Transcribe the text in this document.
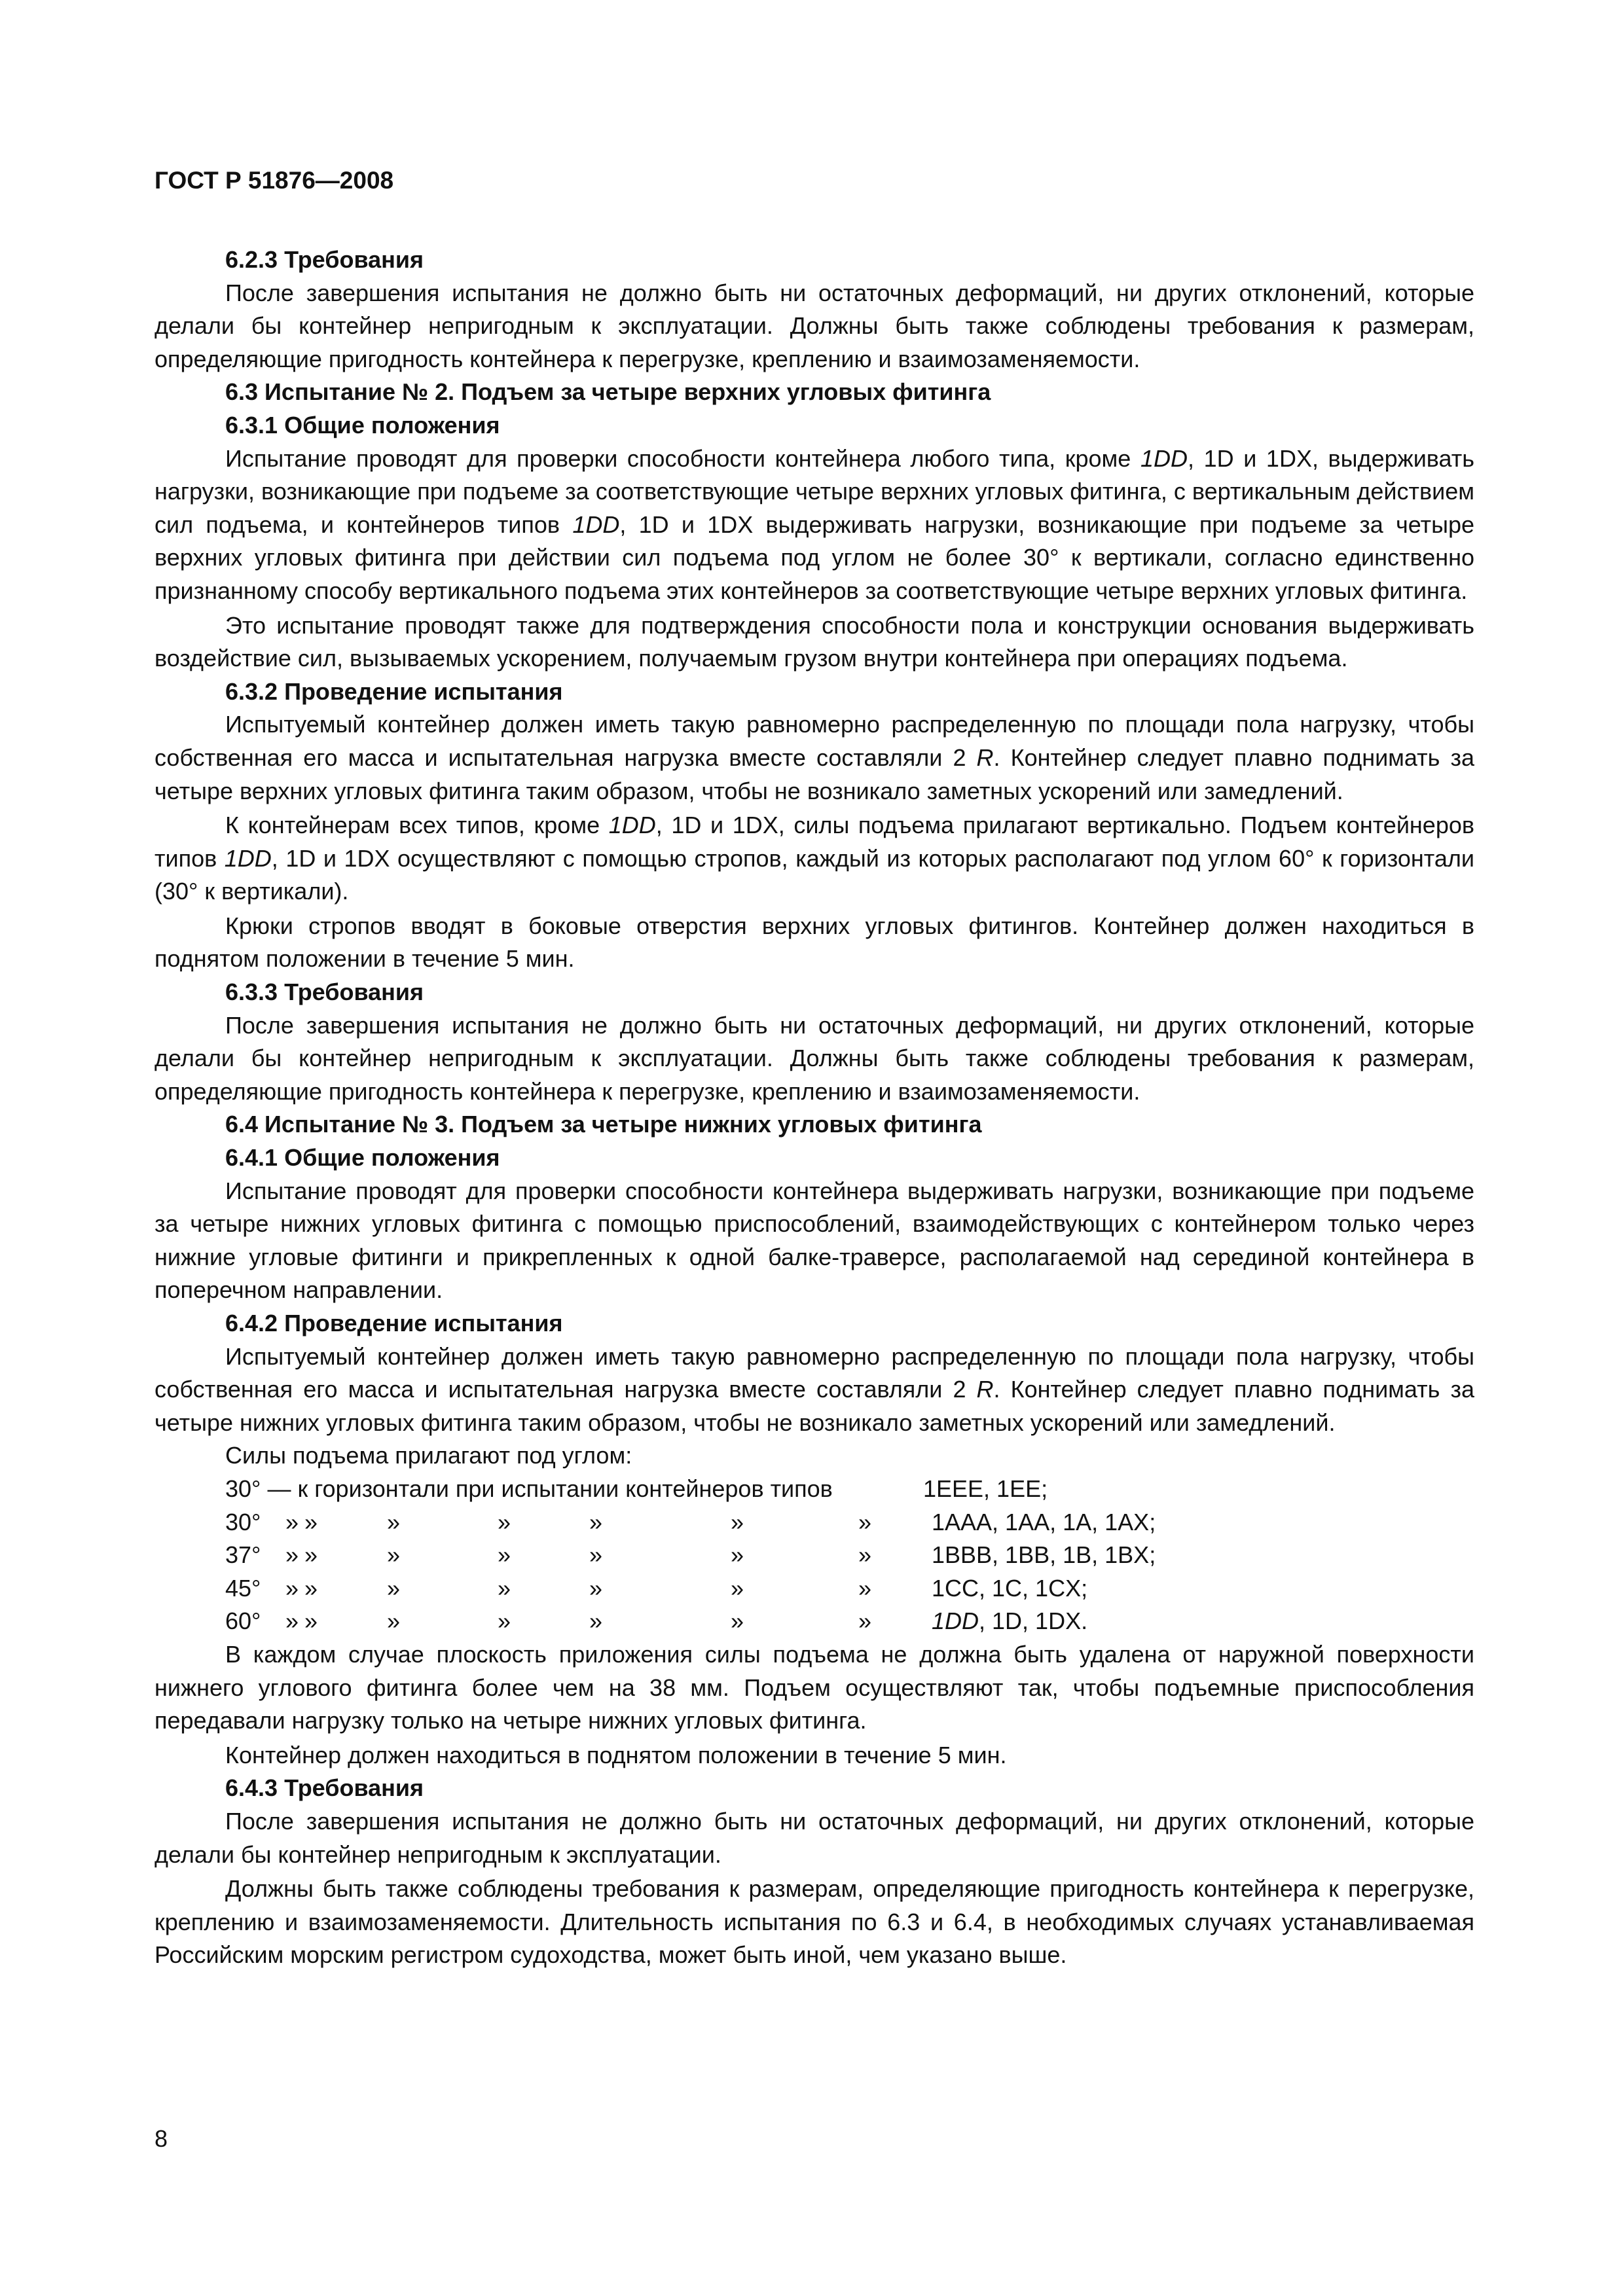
ГОСТ Р 51876—2008
6.2.3 Требования

После завершения испытания не должно быть ни остаточных деформаций, ни других отклонений, которые делали бы контейнер непригодным к эксплуатации. Должны быть также соблюдены требования к размерам, определяющие пригодность контейнера к перегрузке, креплению и взаимозаменяемости.

6.3 Испытание № 2. Подъем за четыре верхних угловых фитинга
6.3.1 Общие положения

Испытание проводят для проверки способности контейнера любого типа, кроме 1DD, 1D и 1DX, выдерживать нагрузки, возникающие при подъеме за соответствующие четыре верхних угловых фитинга, с вертикальным действием сил подъема, и контейнеров типов 1DD, 1D и 1DX выдерживать нагрузки, возникающие при подъеме за четыре верхних угловых фитинга при действии сил подъема под углом не более 30° к вертикали, согласно единственно признанному способу вертикального подъема этих контейнеров за соответствующие четыре верхних угловых фитинга.

Это испытание проводят также для подтверждения способности пола и конструкции основания выдерживать воздействие сил, вызываемых ускорением, получаемым грузом внутри контейнера при операциях подъема.

6.3.2 Проведение испытания

Испытуемый контейнер должен иметь такую равномерно распределенную по площади пола нагрузку, чтобы собственная его масса и испытательная нагрузка вместе составляли 2 R. Контейнер следует плавно поднимать за четыре верхних угловых фитинга таким образом, чтобы не возникало заметных ускорений или замедлений.

К контейнерам всех типов, кроме 1DD, 1D и 1DX, силы подъема прилагают вертикально. Подъем контейнеров типов 1DD, 1D и 1DX осуществляют с помощью стропов, каждый из которых располагают под углом 60° к горизонтали (30° к вертикали).

Крюки стропов вводят в боковые отверстия верхних угловых фитингов. Контейнер должен находиться в поднятом положении в течение 5 мин.

6.3.3 Требования

После завершения испытания не должно быть ни остаточных деформаций, ни других отклонений, которые делали бы контейнер непригодным к эксплуатации. Должны быть также соблюдены требования к размерам, определяющие пригодность контейнера к перегрузке, креплению и взаимозаменяемости.

6.4 Испытание № 3. Подъем за четыре нижних угловых фитинга
6.4.1 Общие положения

Испытание проводят для проверки способности контейнера выдерживать нагрузки, возникающие при подъеме за четыре нижних угловых фитинга с помощью приспособлений, взаимодействующих с контейнером только через нижние угловые фитинги и прикрепленных к одной балке-траверсе, располагаемой над серединой контейнера в поперечном направлении.

6.4.2 Проведение испытания

Испытуемый контейнер должен иметь такую равномерно распределенную по площади пола нагрузку, чтобы собственная его масса и испытательная нагрузка вместе составляли 2 R. Контейнер следует плавно поднимать за четыре нижних угловых фитинга таким образом, чтобы не возникало заметных ускорений или замедлений.

Силы подъема прилагают под углом:

30° — к горизонтали при испытании контейнеров типов	1EEE, 1EE;
30° » »	»	»	»	»	»	1AAA, 1AA, 1A, 1AX;
37° » »	»	»	»	»	»	1BBB, 1BB, 1B, 1BX;
45° » »	»	»	»	»	»	1CC, 1C, 1CX;
60° » »	»	»	»	»	»	1DD, 1D, 1DX.

В каждом случае плоскость приложения силы подъема не должна быть удалена от наружной поверхности нижнего углового фитинга более чем на 38 мм. Подъем осуществляют так, чтобы подъемные приспособления передавали нагрузку только на четыре нижних угловых фитинга.

Контейнер должен находиться в поднятом положении в течение 5 мин.

6.4.3 Требования

После завершения испытания не должно быть ни остаточных деформаций, ни других отклонений, которые делали бы контейнер непригодным к эксплуатации.

Должны быть также соблюдены требования к размерам, определяющие пригодность контейнера к перегрузке, креплению и взаимозаменяемости. Длительность испытания по 6.3 и 6.4, в необходимых случаях устанавливаемая Российским морским регистром судоходства, может быть иной, чем указано выше.

8
